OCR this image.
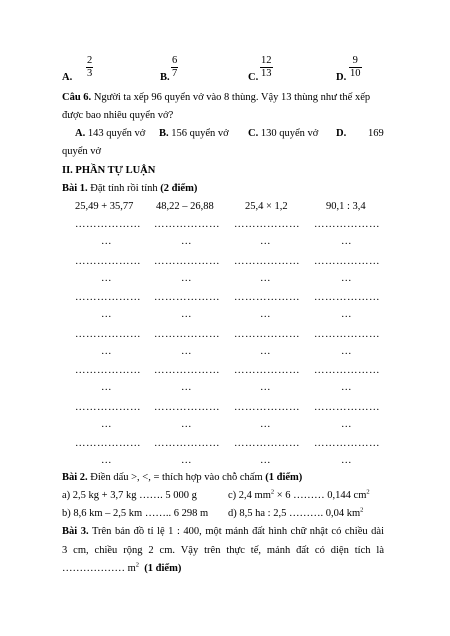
A. $\frac{2}{3}$	B. $\frac{6}{7}$	C. $\frac{12}{13}$	D. $\frac{9}{10}$
Câu 6. Người ta xếp 96 quyển vở vào 8 thùng. Vậy 13 thùng như thế xếp
được bao nhiêu quyển vở?
A. 143 quyển vở B. 156 quyển vở C. 130 quyển vở D. 169
quyển vở
II. PHẦN TỰ LUẬN
Bài 1. Đặt tính rồi tính (2 điểm)
25,49 + 35,77 48,22 – 26,88	25,4 × 1,2	90,1 : 3,4
……………… ……………… ……………… ………………
…	…	…	…
……………… ……………… ……………… ………………
…	…	…	…
……………… ……………… ……………… ………………
…	…	…	…
……………… ……………… ……………… ………………
…	…	…	…
……………… ……………… ……………… ………………
…	…	…	…
……………… ……………… ……………… ………………
…	…	…	…
……………… ……………… ……………… ………………
…	…	…	…
Bài 2. Điền dấu >, <, = thích hợp vào chỗ chấm (1 điểm)
a) 2,5 kg + 3,7 kg ……. 5 000 g	c) 2,4 $mm^2 \times 6$ ……… 0,144 $cm^2$
b) 8,6 km – 2,5 km …….. 6 298 m d) 8,5 ha : 2,5 ………. 0,04 $km^2$
Bài 3. Trên bản đồ tỉ lệ 1 : 400, một mảnh đất hình chữ nhật có chiều dài
3 cm, chiều rộng 2 cm. Vậy trên thực tế, mảnh đất có diện tích là
……………… $m^2$ (1 điểm)
